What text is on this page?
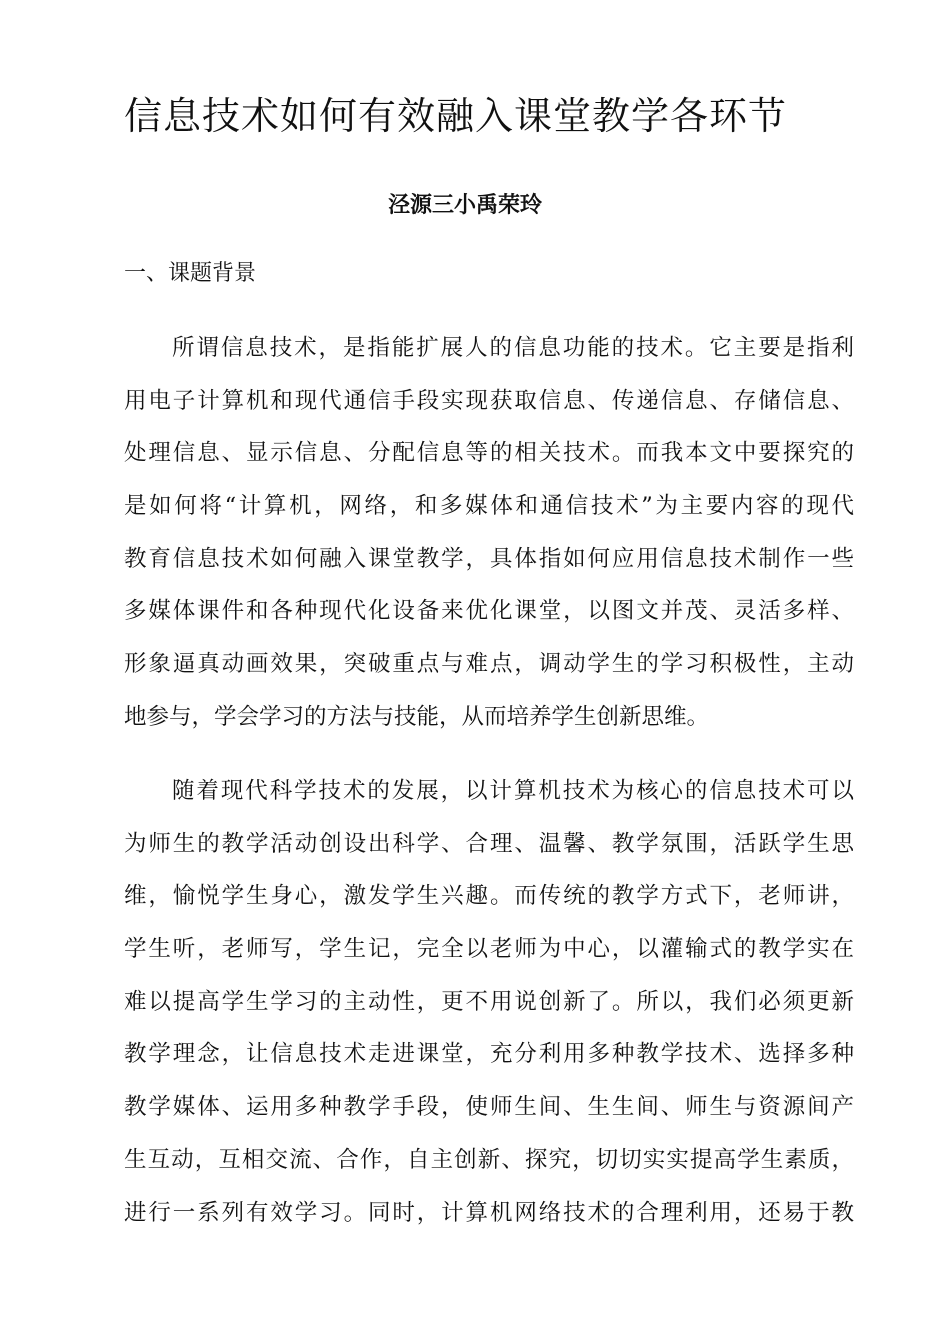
信息技术如何有效融入课堂教学各环节
泾源三小禹荣玲
一、课题背景
所谓信息技术，是指能扩展人的信息功能的技术。它主要是指利
用电子计算机和现代通信手段实现获取信息、传递信息、存储信息、
处理信息、显示信息、分配信息等的相关技术。而我本文中要探究的
是如何将“计算机，网络，和多媒体和通信技术”为主要内容的现代
教育信息技术如何融入课堂教学，具体指如何应用信息技术制作一些
多媒体课件和各种现代化设备来优化课堂，以图文并茂、灵活多样、
形象逼真动画效果，突破重点与难点，调动学生的学习积极性，主动
地参与，学会学习的方法与技能，从而培养学生创新思维。
随着现代科学技术的发展，以计算机技术为核心的信息技术可以
为师生的教学活动创设出科学、合理、温馨、教学氛围，活跃学生思
维，愉悦学生身心，激发学生兴趣。而传统的教学方式下，老师讲，
学生听，老师写，学生记，完全以老师为中心，以灌输式的教学实在
难以提高学生学习的主动性，更不用说创新了。所以，我们必须更新
教学理念，让信息技术走进课堂，充分利用多种教学技术、选择多种
教学媒体、运用多种教学手段，使师生间、生生间、师生与资源间产
生互动，互相交流、合作，自主创新、探究，切切实实提高学生素质，
进行一系列有效学习。同时，计算机网络技术的合理利用，还易于教
